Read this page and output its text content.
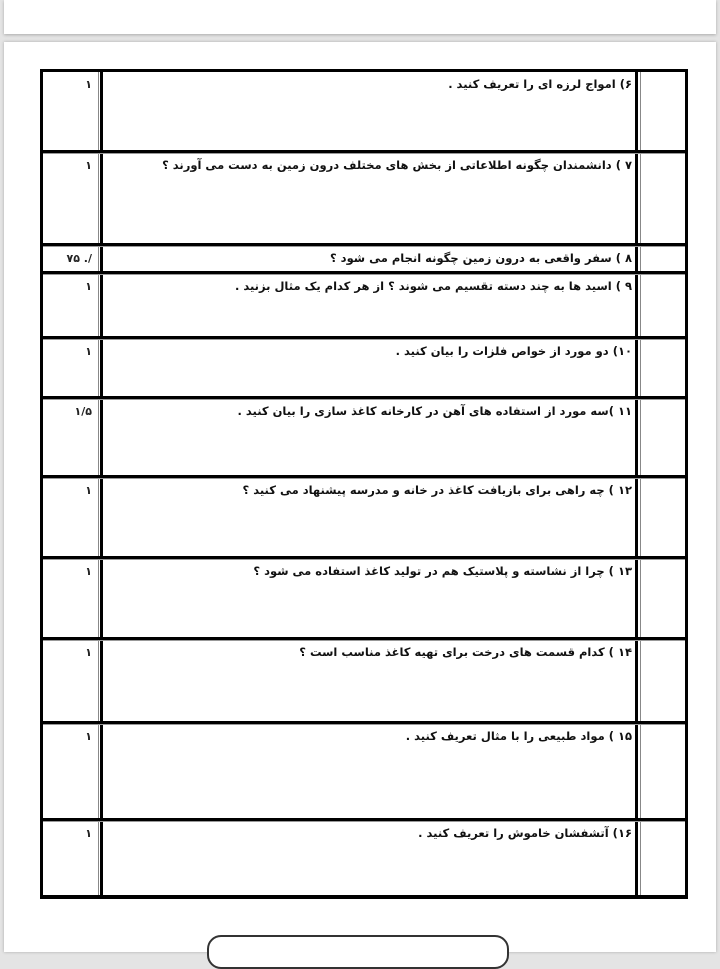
۱	۶) امواج لرزه ای را تعریف کنید .
۱	۷ ) دانشمندان چگونه اطلاعاتی از بخش های مختلف درون زمین به دست می آورند ؟
/. ۷۵	۸ ) سفر واقعی به درون زمین چگونه انجام می شود ؟
۱	۹ ) اسید ها به چند دسته تقسیم می شوند ؟ از هر کدام یک مثال بزنید .
۱	۱۰) دو مورد از خواص فلزات را بیان کنید .
۱/۵	۱۱ )سه مورد از استفاده های آهن در کارخانه کاغذ سازی را بیان کنید .
۱	۱۲ ) چه راهی برای بازیافت کاغذ در خانه و مدرسه پیشنهاد می کنید ؟
۱	۱۳ ) چرا از نشاسته و پلاستیک هم در تولید کاغذ استفاده می شود ؟
۱	۱۴ ) کدام قسمت های درخت برای تهیه کاغذ مناسب است ؟
۱	۱۵ ) مواد طبیعی را با مثال تعریف کنید .
۱	۱۶) آتشفشان خاموش را تعریف کنید .
